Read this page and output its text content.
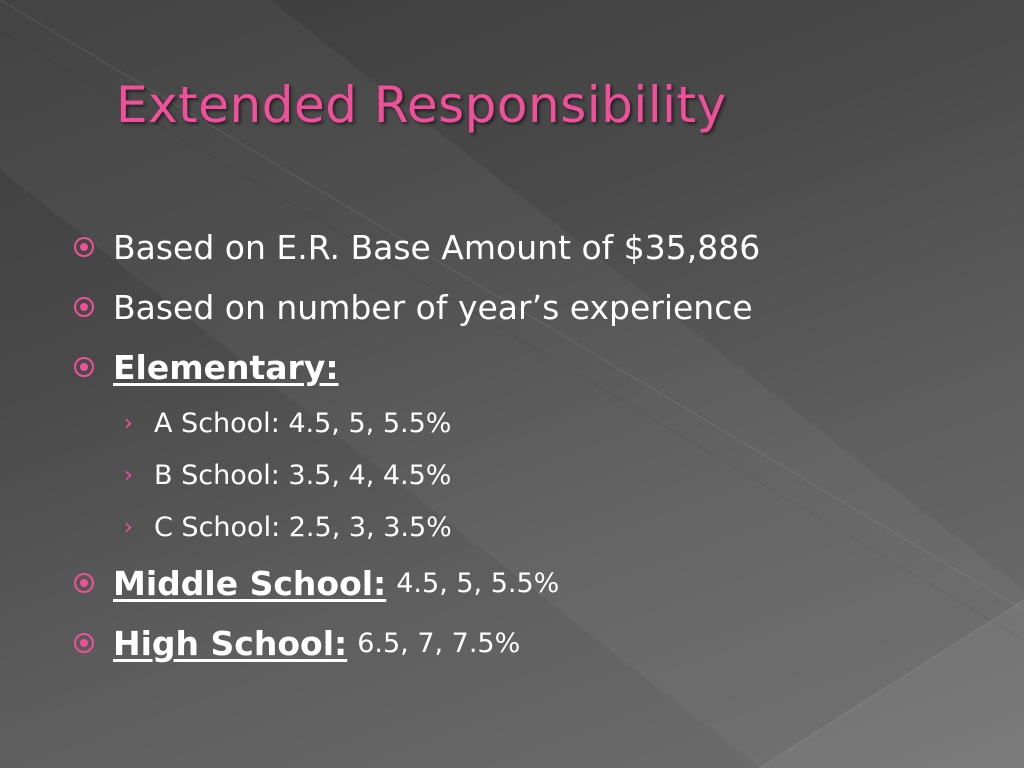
Extended Responsibility
Based on E.R. Base Amount of $35,886
Based on number of year’s experience
Elementary:
› A School: 4.5, 5, 5.5%
› B School: 3.5, 4, 4.5%
› C School: 2.5, 3, 3.5%
Middle School: 4.5, 5, 5.5%
High School: 6.5, 7, 7.5%
